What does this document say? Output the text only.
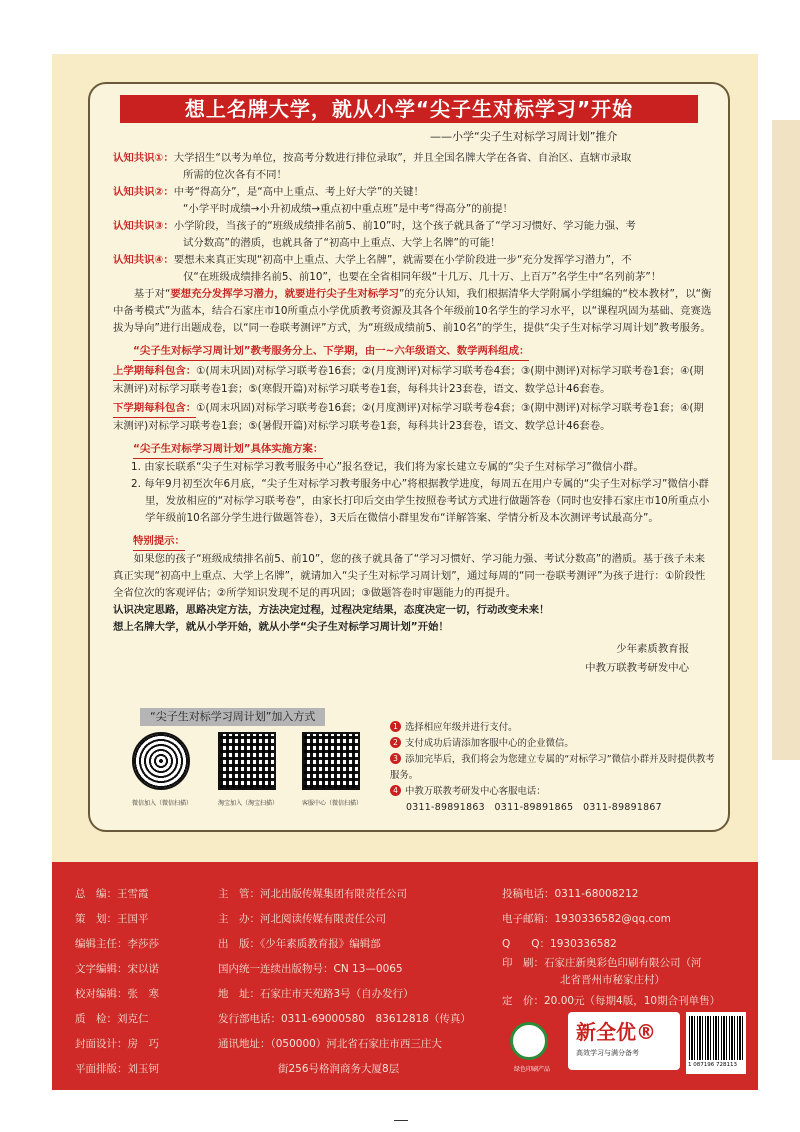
想上名牌大学，就从小学“尖子生对标学习”开始
——小学“尖子生对标学习周计划”推介

认知共识①：大学招生“以考为单位，按高考分数进行排位录取”，并且全国名牌大学在各省、自治区、直辖市录取
所需的位次各有不同！

认知共识②：中考“得高分”，是“高中上重点、考上好大学”的关键！
“小学平时成绩→小升初成绩→重点初中重点班”是中考“得高分”的前提！

认知共识③：小学阶段，当孩子的“班级成绩排名前5、前10”时，这个孩子就具备了“学习习惯好、学习能力强、考
试分数高”的潜质，也就具备了“初高中上重点、大学上名牌”的可能！

认知共识④：要想未来真正实现“初高中上重点、大学上名牌”，就需要在小学阶段进一步“充分发挥学习潜力”，不
仅“在班级成绩排名前5、前10”，也要在全省相同年级“十几万、几十万、上百万”名学生中“名列前茅”！

基于对“要想充分发挥学习潜力，就要进行尖子生对标学习”的充分认知，我们根据清华大学附属小学组编的“校本教材”，以“衡中备考模式”为蓝本，结合石家庄市10所重点小学优质教考资源及其各个年级前10名学生的学习水平，以“课程巩固为基础、竞赛选拔为导向”进行出题成卷，以“同一卷联考测评”方式，为“班级成绩前5、前10名”的学生，提供“尖子生对标学习周计划”教考服务。

“尖子生对标学习周计划”教考服务分上、下学期，由一~六年级语文、数学两科组成：

上学期每科包含：①(周末巩固)对标学习联考卷16套；②(月度测评)对标学习联考卷4套；③(期中测评)对标学习联考卷1套；④(期末测评)对标学习联考卷1套；⑤(寒假开篇)对标学习联考卷1套，每科共计23套卷，语文、数学总计46套卷。

下学期每科包含：①(周末巩固)对标学习联考卷16套；②(月度测评)对标学习联考卷4套；③(期中测评)对标学习联考卷1套；④(期末测评)对标学习联考卷1套；⑤(暑假开篇)对标学习联考卷1套，每科共计23套卷，语文、数学总计46套卷。

“尖子生对标学习周计划”具体实施方案：

1. 由家长联系“尖子生对标学习教考服务中心”报名登记，我们将为家长建立专属的“尖子生对标学习”微信小群。

2. 每年9月初至次年6月底，“尖子生对标学习教考服务中心”将根据教学进度，每周五在用户专属的“尖子生对标学习”微信小群里，发放相应的“对标学习联考卷”，由家长打印后交由学生按照卷考试方式进行做题答卷（同时也安排石家庄市10所重点小学年级前10名部分学生进行做题答卷），3天后在微信小群里发布“详解答案、学情分析及本次测评考试最高分”。

特别提示：

如果您的孩子“班级成绩排名前5、前10”，您的孩子就具备了“学习习惯好、学习能力强、考试分数高”的潜质。基于孩子未来真正实现“初高中上重点、大学上名牌”，就请加入“尖子生对标学习周计划”，通过每周的“同一卷联考测评”为孩子进行：①阶段性全省位次的客观评估；②所学知识发现不足的再巩固；③做题答卷时审题能力的再提升。

认识决定思路，思路决定方法，方法决定过程，过程决定结果，态度决定一切，行动改变未来！

想上名牌大学，就从小学开始，就从小学“尖子生对标学习周计划”开始！

少年素质教育报

中教万联教考研发中心

“尖子生对标学习周计划”加入方式
微信加入（微信扫描）	淘宝加入（淘宝扫描）	客服中心（微信扫描）

1 选择相应年级并进行支付。

2 支付成功后请添加客服中心的企业微信。

3 添加完毕后，我们将会为您建立专属的“对标学习”微信小群并及时提供教考服务。

4 中教万联教考研发中心客服电话：

0311-89891863　0311-89891865　0311-89891867

总　编：王雪霞
策　划：王国平
编辑主任：李莎莎
文字编辑：宋以诺
校对编辑：张　寒
质　检：刘克仁
封面设计：房　巧
平面排版：刘玉钶
主　管：河北出版传媒集团有限责任公司
主　办：河北阅读传媒有限责任公司
出　版：《少年素质教育报》编辑部
国内统一连续出版物号：CN 13—0065
地　址：石家庄市天苑路3号（自办发行）
发行部电话：0311-69000580　83612818（传真）
通讯地址：（050000）河北省石家庄市西三庄大
街256号格润商务大厦8层
投稿电话：0311-68008212
电子邮箱：1930336582@qq.com
Q　　Q：1930336582
印　刷：石家庄新奥彩色印刷有限公司（河
北省晋州市秘家庄村）
定　价：20.00元（每期4版，10期合刊单售）
绿色印刷产品
新全优®
高效学习与满分备考
1 087196 728113
